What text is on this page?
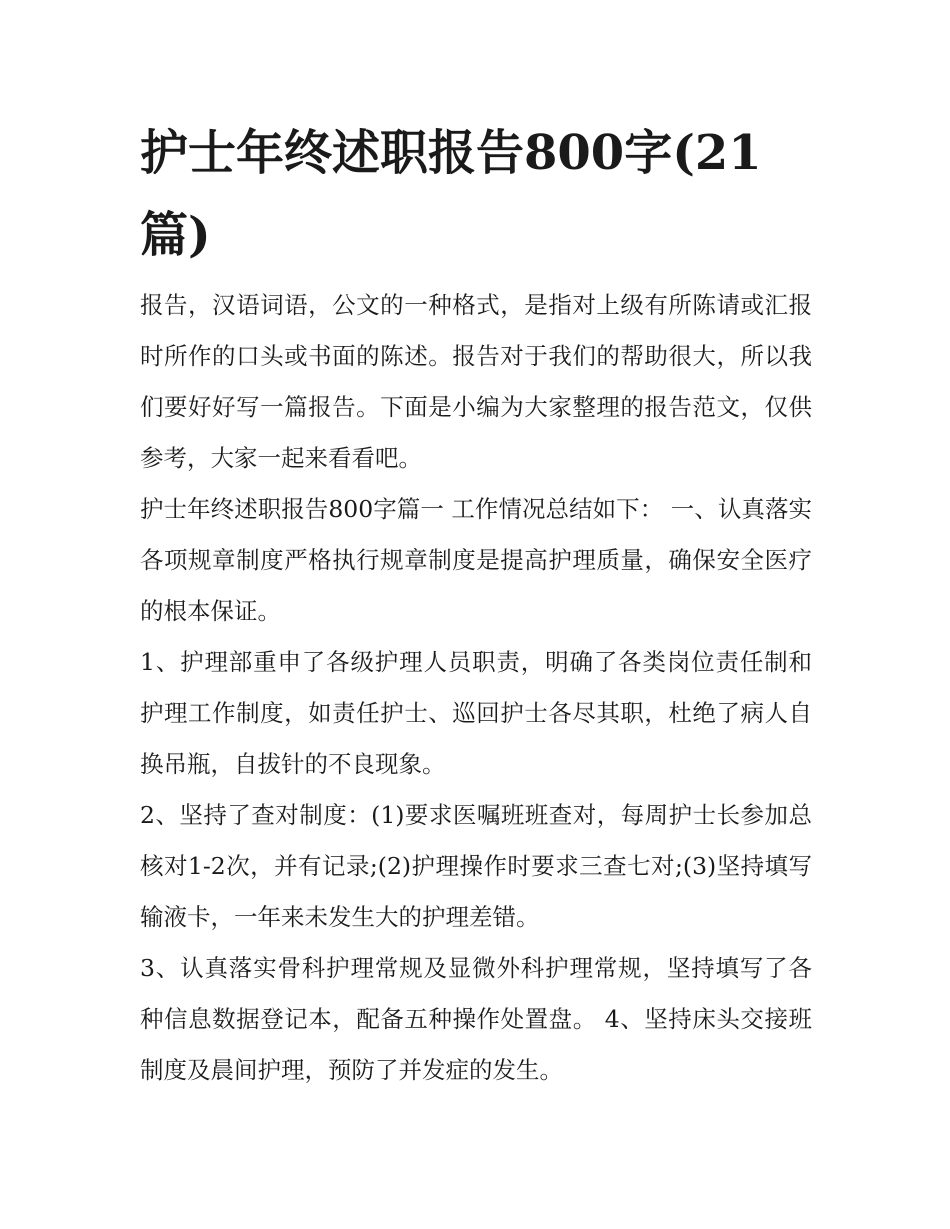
护士年终述职报告800字(21篇)

报告，汉语词语，公文的一种格式，是指对上级有所陈请或汇报时所作的口头或书面的陈述。报告对于我们的帮助很大，所以我们要好好写一篇报告。下面是小编为大家整理的报告范文，仅供参考，大家一起来看看吧。

护士年终述职报告800字篇一 工作情况总结如下： 一、认真落实各项规章制度严格执行规章制度是提高护理质量，确保安全医疗的根本保证。

1、护理部重申了各级护理人员职责，明确了各类岗位责任制和护理工作制度，如责任护士、巡回护士各尽其职，杜绝了病人自换吊瓶，自拔针的不良现象。

2、坚持了查对制度：(1)要求医嘱班班查对，每周护士长参加总核对1-2次，并有记录;(2)护理操作时要求三查七对;(3)坚持填写输液卡，一年来未发生大的护理差错。

3、认真落实骨科护理常规及显微外科护理常规，坚持填写了各种信息数据登记本，配备五种操作处置盘。 4、坚持床头交接班制度及晨间护理，预防了并发症的发生。
